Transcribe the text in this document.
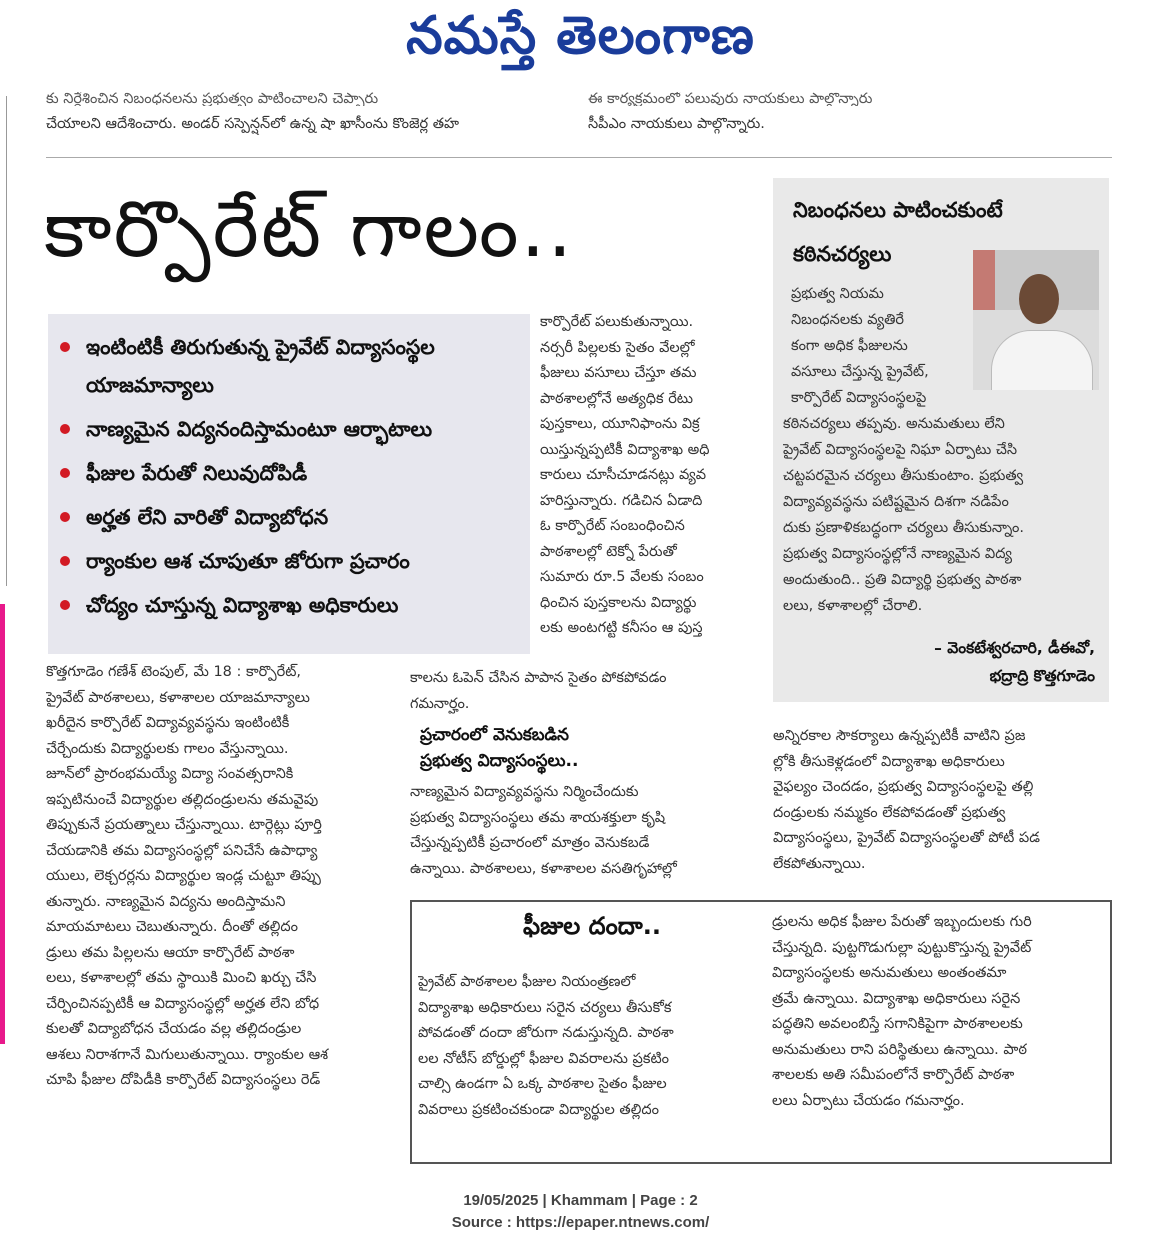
నమస్తే తెలంగాణ
కు నిర్దేశించిన నిబంధనలను ప్రభుత్వం పాటించాలని చెప్పారు
చేయాలని ఆదేశించారు. అండర్ సస్పెన్షన్‌లో ఉన్న షా ఖాసీంను కొంజెర్ల తహ
ఈ కార్యక్రమంలో పలువురు నాయకులు పాల్గొన్నారు
సీపీఎం నాయకులు పాల్గొన్నారు.
కార్పొరేట్ గాలం..
ఇంటింటికీ తిరుగుతున్న ప్రైవేట్ విద్యాసంస్థల యాజమాన్యాలు
నాణ్యమైన విద్యనందిస్తామంటూ ఆర్భాటాలు
ఫీజుల పేరుతో నిలువుదోపిడీ
అర్హత లేని వారితో విద్యాబోధన
ర్యాంకుల ఆశ చూపుతూ జోరుగా ప్రచారం
చోద్యం చూస్తున్న విద్యాశాఖ అధికారులు
నిబంధనలు పాటించకుంటే
కఠినచర్యలు
ప్రభుత్వ నియమ
నిబంధనలకు వ్యతిరే
కంగా అధిక ఫీజులను
వసూలు చేస్తున్న ప్రైవేట్,
కార్పొరేట్ విద్యాసంస్థలపై
కఠినచర్యలు తప్పవు. అనుమతులు లేని
ప్రైవేట్ విద్యాసంస్థలపై నిఘా ఏర్పాటు చేసి
చట్టపరమైన చర్యలు తీసుకుంటాం. ప్రభుత్వ
విద్యావ్యవస్థను పటిష్టమైన దిశగా నడిపేం
దుకు ప్రణాళికబద్ధంగా చర్యలు తీసుకున్నాం.
ప్రభుత్వ విద్యాసంస్థల్లోనే నాణ్యమైన విద్య
అందుతుంది.. ప్రతి విద్యార్థి ప్రభుత్వ పాఠశా
లలు, కళాశాలల్లో చేరాలి.
– వెంకటేశ్వరచారి, డీఈవో,
భద్రాద్రి కొత్తగూడెం
కొత్తగూడెం గణేశ్ టెంపుల్, మే 18 : కార్పొరేట్,
ప్రైవేట్ పాఠశాలలు, కళాశాలల యాజమాన్యాలు
ఖరీదైన కార్పొరేట్ విద్యావ్యవస్థను ఇంటింటికీ
చేర్చేందుకు విద్యార్థులకు గాలం వేస్తున్నాయి.
జూన్‌లో ప్రారంభమయ్యే విద్యా సంవత్సరానికి
ఇప్పటినుంచే విద్యార్థుల తల్లిదండ్రులను తమవైపు
తిప్పుకునే ప్రయత్నాలు చేస్తున్నాయి. టార్గెట్లు పూర్తి
చేయడానికి తమ విద్యాసంస్థల్లో పనిచేసే ఉపాధ్యా
యులు, లెక్చరర్లను విద్యార్థుల ఇండ్ల చుట్టూ తిప్పు
తున్నారు. నాణ్యమైన విద్యను అందిస్తామని
మాయమాటలు చెబుతున్నారు. దీంతో తల్లిదం
డ్రులు తమ పిల్లలను ఆయా కార్పొరేట్ పాఠశా
లలు, కళాశాలల్లో తమ స్థాయికి మించి ఖర్చు చేసి
చేర్పించినప్పటికీ ఆ విద్యాసంస్థల్లో అర్హత లేని బోధ
కులతో విద్యాబోధన చేయడం వల్ల తల్లిదండ్రుల
ఆశలు నిరాశగానే మిగులుతున్నాయి. ర్యాంకుల ఆశ
చూపి ఫీజుల దోపిడీకి కార్పొరేట్ విద్యాసంస్థలు రెడ్
కార్పొరేట్ పలుకుతున్నాయి.
నర్సరీ పిల్లలకు సైతం వేలల్లో
ఫీజులు వసూలు చేస్తూ తమ
పాఠశాలల్లోనే అత్యధిక రేటు
పుస్తకాలు, యూనిఫాంను విక్ర
యిస్తున్నప్పటికీ విద్యాశాఖ అధి
కారులు చూసీచూడనట్లు వ్యవ
హరిస్తున్నారు. గడిచిన ఏడాది
ఓ కార్పొరేట్ సంబంధించిన
పాఠశాలల్లో టెక్నో పేరుతో
సుమారు రూ.5 వేలకు సంబం
ధించిన పుస్తకాలను విద్యార్థు
లకు అంటగట్టి కనీసం ఆ పుస్త
కాలను ఓపెన్ చేసిన పాపాన సైతం పోకపోవడం
గమనార్హం.
ప్రచారంలో వెనుకబడిన
ప్రభుత్వ విద్యాసంస్థలు..
నాణ్యమైన విద్యావ్యవస్థను నిర్మించేందుకు
ప్రభుత్వ విద్యాసంస్థలు తమ శాయశక్తులా కృషి
చేస్తున్నప్పటికీ ప్రచారంలో మాత్రం వెనుకబడే
ఉన్నాయి. పాఠశాలలు, కళాశాలల వసతిగృహాల్లో
అన్నిరకాల సౌకర్యాలు ఉన్నప్పటికీ వాటిని ప్రజ
ల్లోకి తీసుకెళ్లడంలో విద్యాశాఖ అధికారులు
వైఫల్యం చెందడం, ప్రభుత్వ విద్యాసంస్థలపై తల్లి
దండ్రులకు నమ్మకం లేకపోవడంతో ప్రభుత్వ
విద్యాసంస్థలు, ప్రైవేట్ విద్యాసంస్థలతో పోటీ పడ
లేకపోతున్నాయి.
ఫీజుల దందా..
ప్రైవేట్ పాఠశాలల ఫీజుల నియంత్రణలో
విద్యాశాఖ అధికారులు సరైన చర్యలు తీసుకోక
పోవడంతో దందా జోరుగా నడుస్తున్నది. పాఠశా
లల నోటీస్ బోర్డుల్లో ఫీజుల వివరాలను ప్రకటిం
చాల్సి ఉండగా ఏ ఒక్క పాఠశాల సైతం ఫీజుల
వివరాలు ప్రకటించకుండా విద్యార్థుల తల్లిదం
డ్రులను అధిక ఫీజుల పేరుతో ఇబ్బందులకు గురి
చేస్తున్నది. పుట్టగొడుగుల్లా పుట్టుకొస్తున్న ప్రైవేట్
విద్యాసంస్థలకు అనుమతులు అంతంతమా
త్రమే ఉన్నాయి. విద్యాశాఖ అధికారులు సరైన
పద్ధతిని అవలంబిస్తే సగానికిపైగా పాఠశాలలకు
అనుమతులు రాని పరిస్థితులు ఉన్నాయి. పాఠ
శాలలకు అతి సమీపంలోనే కార్పొరేట్ పాఠశా
లలు ఏర్పాటు చేయడం గమనార్హం.
19/05/2025 | Khammam | Page : 2
Source : https://epaper.ntnews.com/
